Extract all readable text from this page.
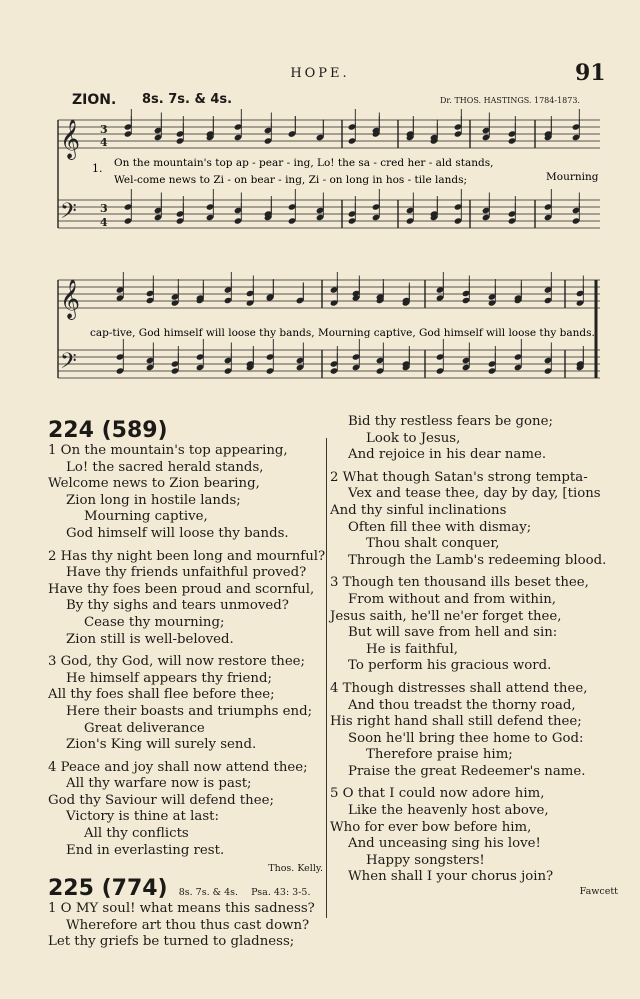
HOPE.	91
ZION. 8s. 7s. & 4s.	Dr. THOS. HASTINGS. 1784-1873.
𝄞
𝄢
𝄞
𝄢
3
4
3
4
1. On the mountain's top ap - pear - ing, Lo! the sa - cred her - ald stands,
Wel-come news to Zi - on bear - ing, Zi - on long in hos - tile lands;	Mourning
cap-tive, God himself will loose thy bands, Mourning captive, God himself will loose thy bands.
224 (589)
1 On the mountain's top appearing,
Lo! the sacred herald stands,
Welcome news to Zion bearing,
Zion long in hostile lands;
Mourning captive,
God himself will loose thy bands.
2 Has thy night been long and mournful?
Have thy friends unfaithful proved?
Have thy foes been proud and scornful,
By thy sighs and tears unmoved?
Cease thy mourning;
Zion still is well-beloved.
3 God, thy God, will now restore thee;
He himself appears thy friend;
All thy foes shall flee before thee;
Here their boasts and triumphs end;
Great deliverance
Zion's King will surely send.
4 Peace and joy shall now attend thee;
All thy warfare now is past;
God thy Saviour will defend thee;
Victory is thine at last:
All thy conflicts
End in everlasting rest.
Thos. Kelly.
225 (774) 8s. 7s. & 4s. Psa. 43: 3-5.
1 O MY soul! what means this sadness?
Wherefore art thou thus cast down?
Let thy griefs be turned to gladness;
Bid thy restless fears be gone;
Look to Jesus,
And rejoice in his dear name.
2 What though Satan's strong tempta-
Vex and tease thee, day by day, [tions
And thy sinful inclinations
Often fill thee with dismay;
Thou shalt conquer,
Through the Lamb's redeeming blood.
3 Though ten thousand ills beset thee,
From without and from within,
Jesus saith, he'll ne'er forget thee,
But will save from hell and sin:
He is faithful,
To perform his gracious word.
4 Though distresses shall attend thee,
And thou treadst the thorny road,
His right hand shall still defend thee;
Soon he'll bring thee home to God:
Therefore praise him;
Praise the great Redeemer's name.
5 O that I could now adore him,
Like the heavenly host above,
Who for ever bow before him,
And unceasing sing his love!
Happy songsters!
When shall I your chorus join?
Fawcett
